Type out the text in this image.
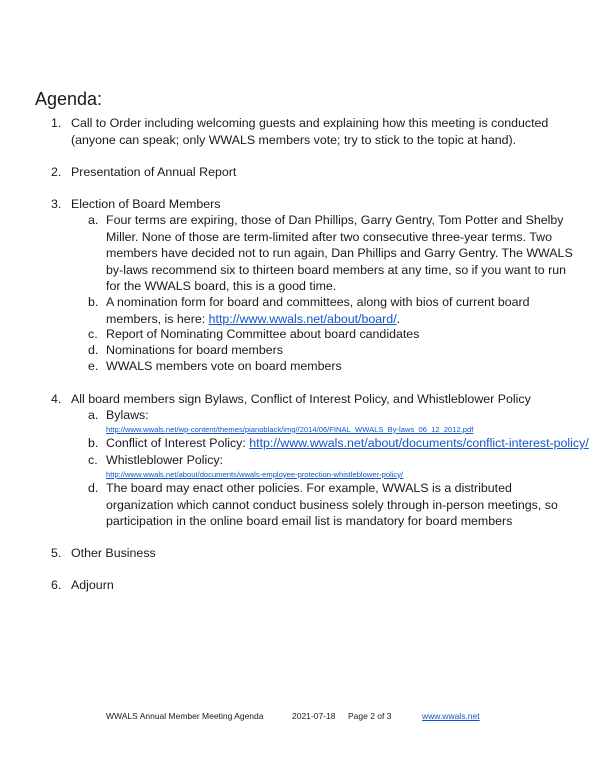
Agenda:
1. Call to Order including welcoming guests and explaining how this meeting is conducted (anyone can speak; only WWALS members vote; try to stick to the topic at hand).
2. Presentation of Annual Report
3. Election of Board Members
a. Four terms are expiring, those of Dan Phillips, Garry Gentry, Tom Potter and Shelby Miller. None of those are term-limited after two consecutive three-year terms. Two members have decided not to run again, Dan Phillips and Garry Gentry. The WWALS by-laws recommend six to thirteen board members at any time, so if you want to run for the WWALS board, this is a good time.
b. A nomination form for board and committees, along with bios of current board members, is here: http://www.wwals.net/about/board/.
c. Report of Nominating Committee about board candidates
d. Nominations for board members
e. WWALS members vote on board members
4. All board members sign Bylaws, Conflict of Interest Policy, and Whistleblower Policy
a. Bylaws:
http://www.wwals.net/wp-content/themes/pianoblack/img//2014/06/FINAL_WWALS_By-laws_06_12_2012.pdf
b. Conflict of Interest Policy: http://www.wwals.net/about/documents/conflict-interest-policy/
c. Whistleblower Policy:
http://www.wwals.net/about/documents/wwals-employee-protection-whistleblower-policy/
d. The board may enact other policies. For example, WWALS is a distributed organization which cannot conduct business solely through in-person meetings, so participation in the online board email list is mandatory for board members
5. Other Business
6. Adjourn
WWALS Annual Member Meeting Agenda	2021-07-18 Page 2 of 3	www.wwals.net
